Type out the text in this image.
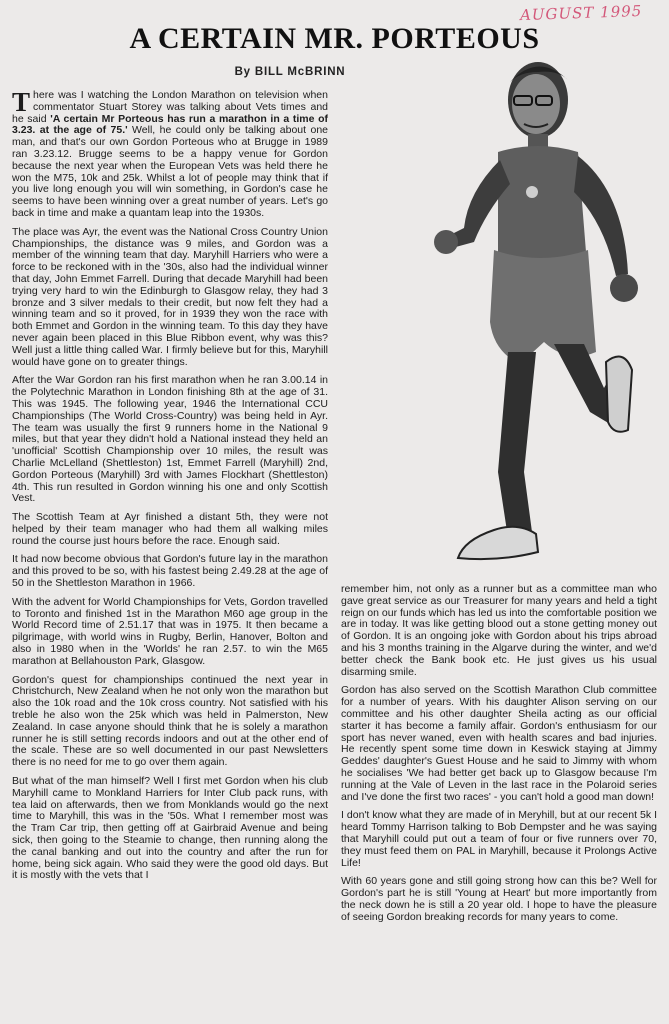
AUGUST 1995
A CERTAIN MR. PORTEOUS
By BILL McBRINN

There was I watching the London Marathon on television when commentator Stuart Storey was talking about Vets times and he said 'A certain Mr Porteous has run a marathon in a time of 3.23. at the age of 75.' Well, he could only be talking about one man, and that's our own Gordon Porteous who at Brugge in 1989 ran 3.23.12. Brugge seems to be a happy venue for Gordon because the next year when the European Vets was held there he won the M75, 10k and 25k. Whilst a lot of people may think that if you live long enough you will win something, in Gordon's case he seems to have been winning over a great number of years. Let's go back in time and make a quantam leap into the 1930s.

The place was Ayr, the event was the National Cross Country Union Championships, the distance was 9 miles, and Gordon was a member of the winning team that day. Maryhill Harriers who were a force to be reckoned with in the '30s, also had the individual winner that day, John Emmet Farrell. During that decade Maryhill had been trying very hard to win the Edinburgh to Glasgow relay, they had 3 bronze and 3 silver medals to their credit, but now felt they had a winning team and so it proved, for in 1939 they won the race with both Emmet and Gordon in the winning team. To this day they have never again been placed in this Blue Ribbon event, why was this? Well just a little thing called War. I firmly believe but for this, Maryhill would have gone on to greater things.

After the War Gordon ran his first marathon when he ran 3.00.14 in the Polytechnic Marathon in London finishing 8th at the age of 31. This was 1945. The following year, 1946 the International CCU Championships (The World Cross-Country) was being held in Ayr. The team was usually the first 9 runners home in the National 9 miles, but that year they didn't hold a National instead they held an 'unofficial' Scottish Championship over 10 miles, the result was Charlie McLelland (Shettleston) 1st, Emmet Farrell (Maryhill) 2nd, Gordon Porteous (Maryhill) 3rd with James Flockhart (Shettleston) 4th. This run resulted in Gordon winning his one and only Scottish Vest.

The Scottish Team at Ayr finished a distant 5th, they were not helped by their team manager who had them all walking miles round the course just hours before the race. Enough said.

It had now become obvious that Gordon's future lay in the marathon and this proved to be so, with his fastest being 2.49.28 at the age of 50 in the Shettleston Marathon in 1966.

With the advent for World Championships for Vets, Gordon travelled to Toronto and finished 1st in the Marathon M60 age group in the World Record time of 2.51.17 that was in 1975. It then became a pilgrimage, with world wins in Rugby, Berlin, Hanover, Bolton and also in 1980 when in the 'Worlds' he ran 2.57. to win the M65 marathon at Bellahouston Park, Glasgow.

Gordon's quest for championships continued the next year in Christchurch, New Zealand when he not only won the marathon but also the 10k road and the 10k cross country. Not satisfied with his treble he also won the 25k which was held in Palmerston, New Zealand. In case anyone should think that he is solely a marathon runner he is still setting records indoors and out at the other end of the scale. These are so well documented in our past Newsletters there is no need for me to go over them again.

But what of the man himself? Well I first met Gordon when his club Maryhill came to Monkland Harriers for Inter Club pack runs, with tea laid on afterwards, then we from Monklands would go the next time to Maryhill, this was in the '50s. What I remember most was the Tram Car trip, then getting off at Gairbraid Avenue and being sick, then going to the Steamie to change, then running along the the canal banking and out into the country and after the run for home, being sick again. Who said they were the good old days. But it is mostly with the vets that I

remember him, not only as a runner but as a committee man who gave great service as our Treasurer for many years and held a tight reign on our funds which has led us into the comfortable position we are in today. It was like getting blood out a stone getting money out of Gordon. It is an ongoing joke with Gordon about his trips abroad and his 3 months training in the Algarve during the winter, and we'd better check the Bank book etc. He just gives us his usual disarming smile.

Gordon has also served on the Scottish Marathon Club committee for a number of years. With his daughter Alison serving on our committee and his other daughter Sheila acting as our official starter it has become a family affair. Gordon's enthusiasm for our sport has never waned, even with health scares and bad injuries. He recently spent some time down in Keswick staying at Jimmy Geddes' daughter's Guest House and he said to Jimmy with whom he socialises 'We had better get back up to Glasgow because I'm running at the Vale of Leven in the last race in the Polaroid series and I've done the first two races' - you can't hold a good man down!

I don't know what they are made of in Meryhill, but at our recent 5k I heard Tommy Harrison talking to Bob Dempster and he was saying that Maryhill could put out a team of four or five runners over 70, they must feed them on PAL in Maryhill, because it Prolongs Active Life!

With 60 years gone and still going strong how can this be? Well for Gordon's part he is still 'Young at Heart' but more importantly from the neck down he is still a 20 year old. I hope to have the pleasure of seeing Gordon breaking records for many years to come.
